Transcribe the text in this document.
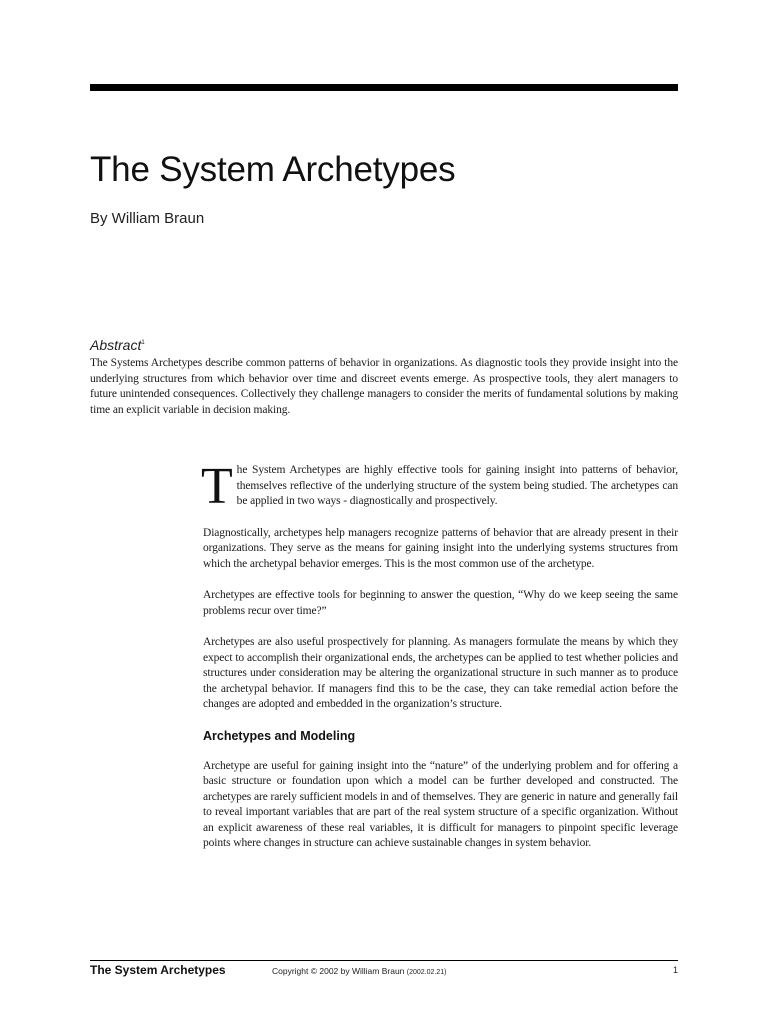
The System Archetypes
By William Braun
Abstract$^1$

The Systems Archetypes describe common patterns of behavior in organizations. As diagnostic tools they provide insight into the underlying structures from which behavior over time and discreet events emerge. As prospective tools, they alert managers to future unintended consequences. Collectively they challenge managers to consider the merits of fundamental solutions by making time an explicit variable in decision making.

The System Archetypes are highly effective tools for gaining insight into patterns of behavior, themselves reflective of the underlying structure of the system being studied. The archetypes can be applied in two ways - diagnostically and prospectively.

Diagnostically, archetypes help managers recognize patterns of behavior that are already present in their organizations. They serve as the means for gaining insight into the underlying systems structures from which the archetypal behavior emerges. This is the most common use of the archetype.

Archetypes are effective tools for beginning to answer the question, “Why do we keep seeing the same problems recur over time?”

Archetypes are also useful prospectively for planning. As managers formulate the means by which they expect to accomplish their organizational ends, the archetypes can be applied to test whether policies and structures under consideration may be altering the organizational structure in such manner as to produce the archetypal behavior. If managers find this to be the case, they can take remedial action before the changes are adopted and embedded in the organization’s structure.

Archetypes and Modeling

Archetype are useful for gaining insight into the “nature” of the underlying problem and for offering a basic structure or foundation upon which a model can be further developed and constructed. The archetypes are rarely sufficient models in and of themselves. They are generic in nature and generally fail to reveal important variables that are part of the real system structure of a specific organization. Without an explicit awareness of these real variables, it is difficult for managers to pinpoint specific leverage points where changes in structure can achieve sustainable changes in system behavior.

The System Archetypes	Copyright © 2002 by William Braun (2002.02.21)	1
